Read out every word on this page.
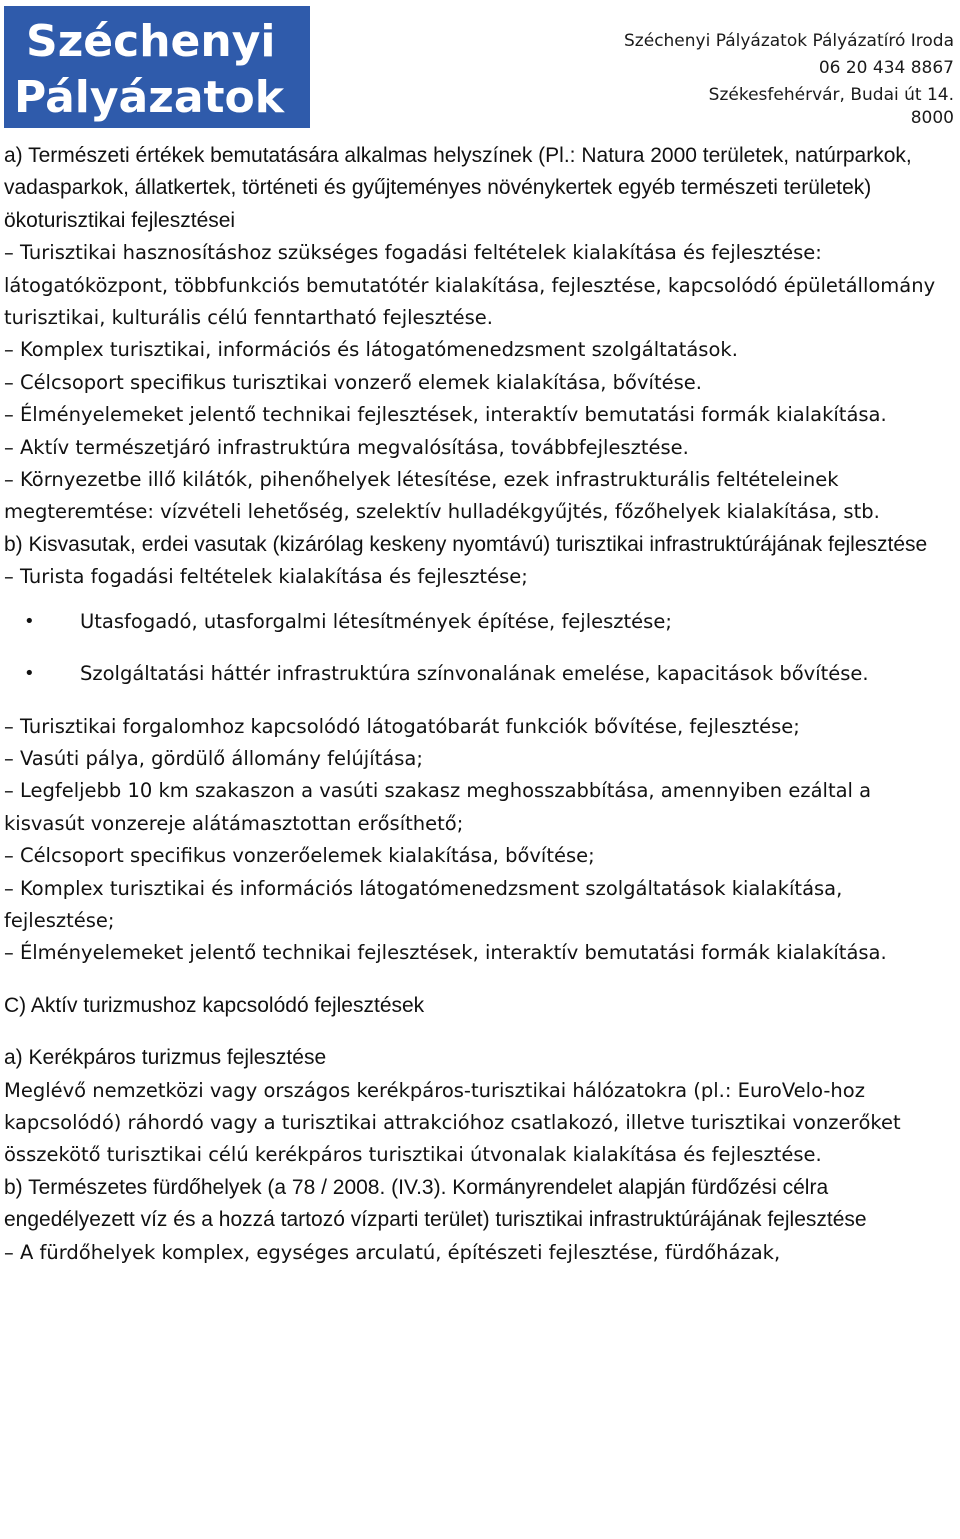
Széchenyi
Pályázatok
Széchenyi Pályázatok Pályázatíró Iroda
06 20 434 8867
Székesfehérvár, Budai út 14.
8000

a) Természeti értékek bemutatására alkalmas helyszínek (Pl.: Natura 2000 területek, natúrparkok, vadasparkok, állatkertek, történeti és gyűjteményes növénykertek egyéb természeti területek) ökoturisztikai fejlesztései

– Turisztikai hasznosításhoz szükséges fogadási feltételek kialakítása és fejlesztése: látogatóközpont, többfunkciós bemutatótér kialakítása, fejlesztése, kapcsolódó épületállomány turisztikai, kulturális célú fenntartható fejlesztése.

– Komplex turisztikai, információs és látogatómenedzsment szolgáltatások.

– Célcsoport specifikus turisztikai vonzerő elemek kialakítása, bővítése.

– Élményelemeket jelentő technikai fejlesztések, interaktív bemutatási formák kialakítása.

– Aktív természetjáró infrastruktúra megvalósítása, továbbfejlesztése.

– Környezetbe illő kilátók, pihenőhelyek létesítése, ezek infrastrukturális feltételeinek megteremtése: vízvételi lehetőség, szelektív hulladékgyűjtés, főzőhelyek kialakítása, stb.

b) Kisvasutak, erdei vasutak (kizárólag keskeny nyomtávú) turisztikai infrastruktúrájának fejlesztése

– Turista fogadási feltételek kialakítása és fejlesztése;

• Utasfogadó, utasforgalmi létesítmények építése, fejlesztése;
• Szolgáltatási háttér infrastruktúra színvonalának emelése, kapacitások bővítése.

– Turisztikai forgalomhoz kapcsolódó látogatóbarát funkciók bővítése, fejlesztése;

– Vasúti pálya, gördülő állomány felújítása;

– Legfeljebb 10 km szakaszon a vasúti szakasz meghosszabbítása, amennyiben ezáltal a kisvasút vonzereje alátámasztottan erősíthető;

– Célcsoport specifikus vonzerőelemek kialakítása, bővítése;

– Komplex turisztikai és információs látogatómenedzsment szolgáltatások kialakítása, fejlesztése;

– Élményelemeket jelentő technikai fejlesztések, interaktív bemutatási formák kialakítása.

C) Aktív turizmushoz kapcsolódó fejlesztések

a) Kerékpáros turizmus fejlesztése

Meglévő nemzetközi vagy országos kerékpáros-turisztikai hálózatokra (pl.: EuroVelo-hoz kapcsolódó) ráhordó vagy a turisztikai attrakcióhoz csatlakozó, illetve turisztikai vonzerőket összekötő turisztikai célú kerékpáros turisztikai útvonalak kialakítása és fejlesztése.

b) Természetes fürdőhelyek (a 78 / 2008. (IV.3). Kormányrendelet alapján fürdőzési célra engedélyezett víz és a hozzá tartozó vízparti terület) turisztikai infrastruktúrájának fejlesztése

– A fürdőhelyek komplex, egységes arculatú, építészeti fejlesztése, fürdőházak,
